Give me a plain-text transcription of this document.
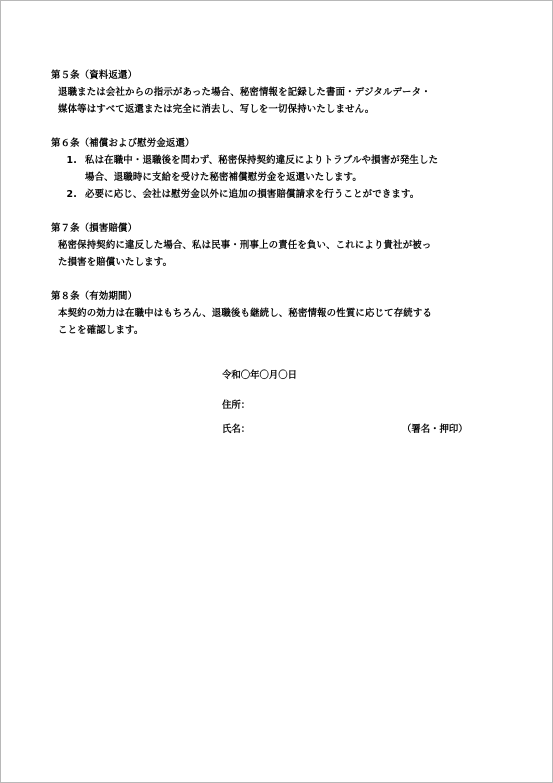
第５条（資料返還）
退職または会社からの指示があった場合、秘密情報を記録した書面・デジタルデータ・
媒体等はすべて返還または完全に消去し、写しを一切保持いたしません。
第６条（補償および慰労金返還）
1. 私は在職中・退職後を問わず、秘密保持契約違反によりトラブルや損害が発生した
場合、退職時に支給を受けた秘密補償慰労金を返還いたします。
2. 必要に応じ、会社は慰労金以外に追加の損害賠償請求を行うことができます。
第７条（損害賠償）
秘密保持契約に違反した場合、私は民事・刑事上の責任を負い、これにより貴社が被っ
た損害を賠償いたします。
第８条（有効期間）
本契約の効力は在職中はもちろん、退職後も継続し、秘密情報の性質に応じて存続する
ことを確認します。
令和〇年〇月〇日
住所：
氏名：	（署名・押印）
